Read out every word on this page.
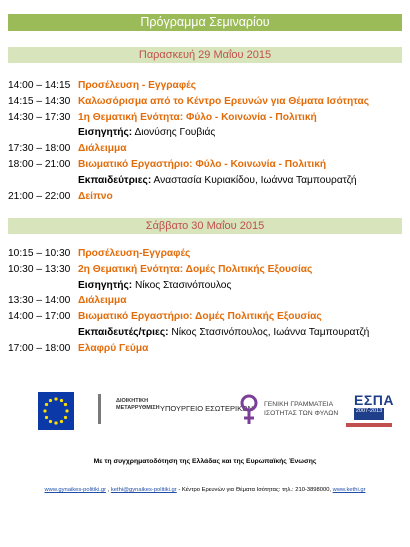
Πρόγραμμα Σεμιναρίου
Παρασκευή 29 Μαΐου 2015
14:00 – 14:15 Προσέλευση - Εγγραφές
14:15 – 14:30 Καλωσόρισμα από το Κέντρο Ερευνών για Θέματα Ισότητας
14:30 – 17:30 1η Θεματική Ενότητα: Φύλο - Κοινωνία - Πολιτική
Εισηγητής: Διονύσης Γουβιάς
17:30 – 18:00 Διάλειμμα
18:00 – 21:00 Βιωματικό Εργαστήριο: Φύλο - Κοινωνία - Πολιτική
Εκπαιδεύτριες: Αναστασία Κυριακίδου, Ιωάννα Ταμπουρατζή
21:00 – 22:00 Δείπνο
Σάββατο 30 Μαΐου 2015
10:15 – 10:30 Προσέλευση-Εγγραφές
10:30 – 13:30 2η Θεματική Ενότητα: Δομές Πολιτικής Εξουσίας
Εισηγητής: Νίκος Στασινόπουλος
13:30 – 14:00 Διάλειμμα
14:00 – 17:00 Βιωματικό Εργαστήριο: Δομές Πολιτικής Εξουσίας
Εκπαιδευτές/τριες: Νίκος Στασινόπουλος, Ιωάννα Ταμπουρατζή
17:00 – 18:00 Ελαφρύ Γεύμα
ΔΙΟΙΚΗΤΙΚΗ
ΜΕΤΑΡΡΥΘΜΙΣΗ ΥΠΟΥΡΓΕΙΟ ΕΣΩΤΕΡΙΚΩΝ ΓΕΝΙΚΗ ΓΡΑΜΜΑΤΕΙΑ
ΙΣΟΤΗΤΑΣ ΤΩΝ ΦΥΛΩΝ
ΕΣΠΑ
2007-2013
Με τη συγχρηματοδότηση της Ελλάδας και της Ευρωπαϊκής Ένωσης
www.gynaikes-politiki.gr , kethi@gynaikes-politiki.gr - Κέντρο Ερευνών για Θέματα Ισότητας: τηλ.: 210-3898000, www.kethi.gr
